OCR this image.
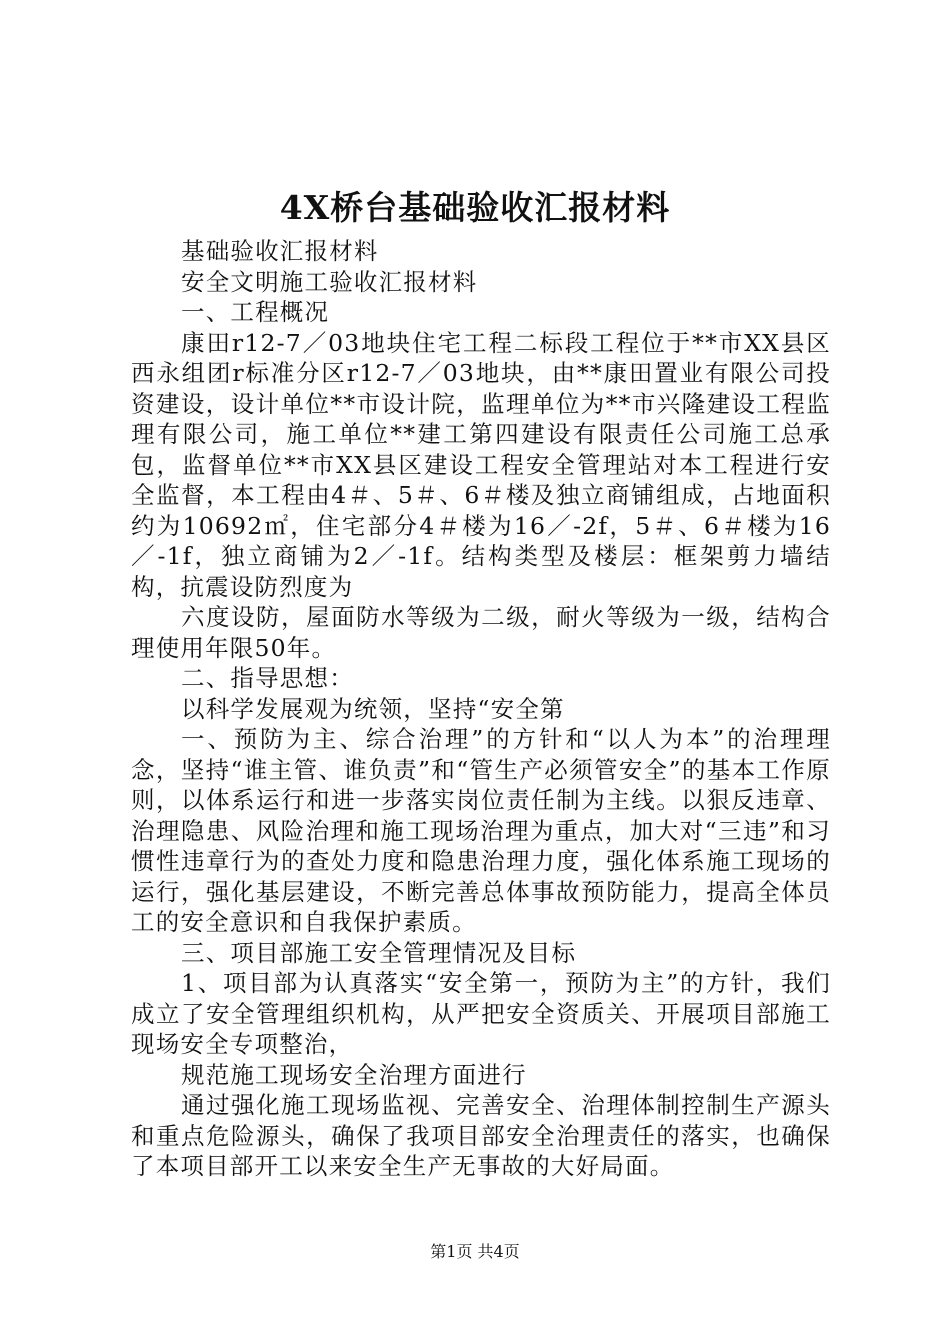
4X桥台基础验收汇报材料

基础验收汇报材料

安全文明施工验收汇报材料

一、工程概况

康田r12-7／03地块住宅工程二标段工程位于**市XX县区西永组团r标准分区r12-7／03地块，由**康田置业有限公司投资建设，设计单位**市设计院，监理单位为**市兴隆建设工程监理有限公司，施工单位**建工第四建设有限责任公司施工总承包，监督单位**市XX县区建设工程安全管理站对本工程进行安全监督，本工程由4＃、5＃、6＃楼及独立商铺组成，占地面积约为10692㎡，住宅部分4＃楼为16／-2f，5＃、6＃楼为16／-1f，独立商铺为2／-1f。结构类型及楼层：框架剪力墙结构，抗震设防烈度为

六度设防，屋面防水等级为二级，耐火等级为一级，结构合理使用年限50年。

二、指导思想：

以科学发展观为统领，坚持“安全第

一、预防为主、综合治理”的方针和“以人为本”的治理理念，坚持“谁主管、谁负责”和“管生产必须管安全”的基本工作原则，以体系运行和进一步落实岗位责任制为主线。以狠反违章、治理隐患、风险治理和施工现场治理为重点，加大对“三违”和习惯性违章行为的查处力度和隐患治理力度，强化体系施工现场的运行，强化基层建设，不断完善总体事故预防能力，提高全体员工的安全意识和自我保护素质。

三、项目部施工安全管理情况及目标

1、项目部为认真落实“安全第一，预防为主”的方针，我们成立了安全管理组织机构，从严把安全资质关、开展项目部施工现场安全专项整治，

规范施工现场安全治理方面进行

通过强化施工现场监视、完善安全、治理体制控制生产源头和重点危险源头，确保了我项目部安全治理责任的落实，也确保了本项目部开工以来安全生产无事故的大好局面。

第1页 共4页
